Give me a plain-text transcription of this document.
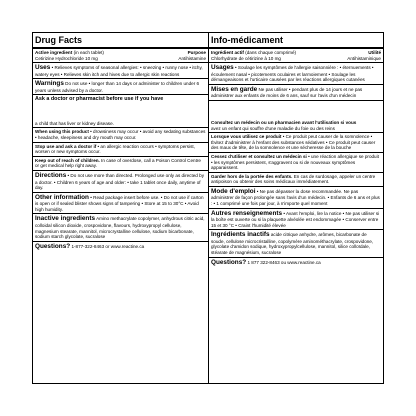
Drug Facts
Active ingredient (in each tablet)	Purpose
Cetirizine Hydrochloride 10 mg	Antihistamine
Uses • Relieves symptoms of seasonal allergies: • sneezing • runny nose • itchy, watery eyes • Relieves skin itch and hives due to allergic skin reactions
Warnings Do not use • longer than 14 days or administer to children under 6 years unless advised by a doctor.
Ask a doctor or pharmacist before use if you have
a child that has liver or kidney disease.
When using this product • drowsiness may occur • avoid any sedating substances • headache, sleepiness and dry mouth may occur.
Stop use and ask a doctor if • an allergic reaction occurs • symptoms persist, worsen or new symptoms occur.
Keep out of reach of children. In case of overdose, call a Poison Control Centre or get medical help right away.
Directions • Do not use more than directed. Prolonged use only as directed by a doctor. • Children 6 years of age and older: • take 1 tablet once daily, anytime of day.
Other information • Read package insert before use. • Do not use if carton is open or if sealed blister shows signs of tampering • Store at 15 to 30°C • Avoid high humidity.
Inactive ingredients Amino methacrylate copolymer, anhydrous citric acid, colloidal silicon dioxide, crospovidone, flavours, hydroxypropyl cellulose, magnesium stearate, mannitol, microcrystalline cellulose, sodium bicarbonate, sodium starch glycolate, sucralose
Questions? 1-877-322-8463 or www.reactine.ca
Info-médicament
Ingrédient actif (dans chaque comprimé)	Utilité
Chlorhydrate de cétirizine à 10 mg	Antihistaminique
Usages • Soulage les symptômes de l'allergie saisonnière : • éternuements • écoulement nasal • picotements oculaires et larmoiement • Soulage les démangeaisons et l'urticaire causées par les réactions allergiques cutanées
Mises en garde Ne pas utiliser • pendant plus de 14 jours et ne pas administrer aux enfants de moins de 6 ans, sauf sur l'avis d'un médecin
Consultez un médecin ou un pharmacien avant l'utilisation si vous
avez un enfant qui souffre d'une maladie du foie ou des reins
Lorsque vous utilisez ce produit • Ce produit peut causer de la somnolence • Évitez d'administrer à l'enfant des substances sédatives • Ce produit peut causer des maux de tête, de la somnolence et une sécheresse de la bouche
Cessez d'utiliser et consultez un médecin si • une réaction allergique se produit • les symptômes persistent, s'aggravent ou si de nouveaux symptômes apparaissent.
Garder hors de la portée des enfants. En cas de surdosage, appeler un centre antipoison ou obtenir des soins médicaux immédiatement.
Mode d'emploi • Ne pas dépasser la dose recommandée. Ne pas administrer de façon prolongée sans l'avis d'un médecin. • Enfants de 6 ans et plus : • 1 comprimé une fois par jour, à n'importe quel moment
Autres renseignements • Avant l'emploi, lire la notice • Ne pas utiliser si la boîte est ouverte ou si la plaquette alvéolée est endommagée • Conserver entre 15 et 30 °C • Craint l'humidité élevée
Ingrédients inactifs acide citrique anhydre, arômes, bicarbonate de soude, cellulose microcristalline, copolymère aminométhacrylate, crospovidone, glycolate d'amidon sodique, hydroxypropylcellulose, mannitol, silice colloïdale, stéarate de magnésium, sucralose
Questions? 1 877 322-8463 ou www.reactine.ca
